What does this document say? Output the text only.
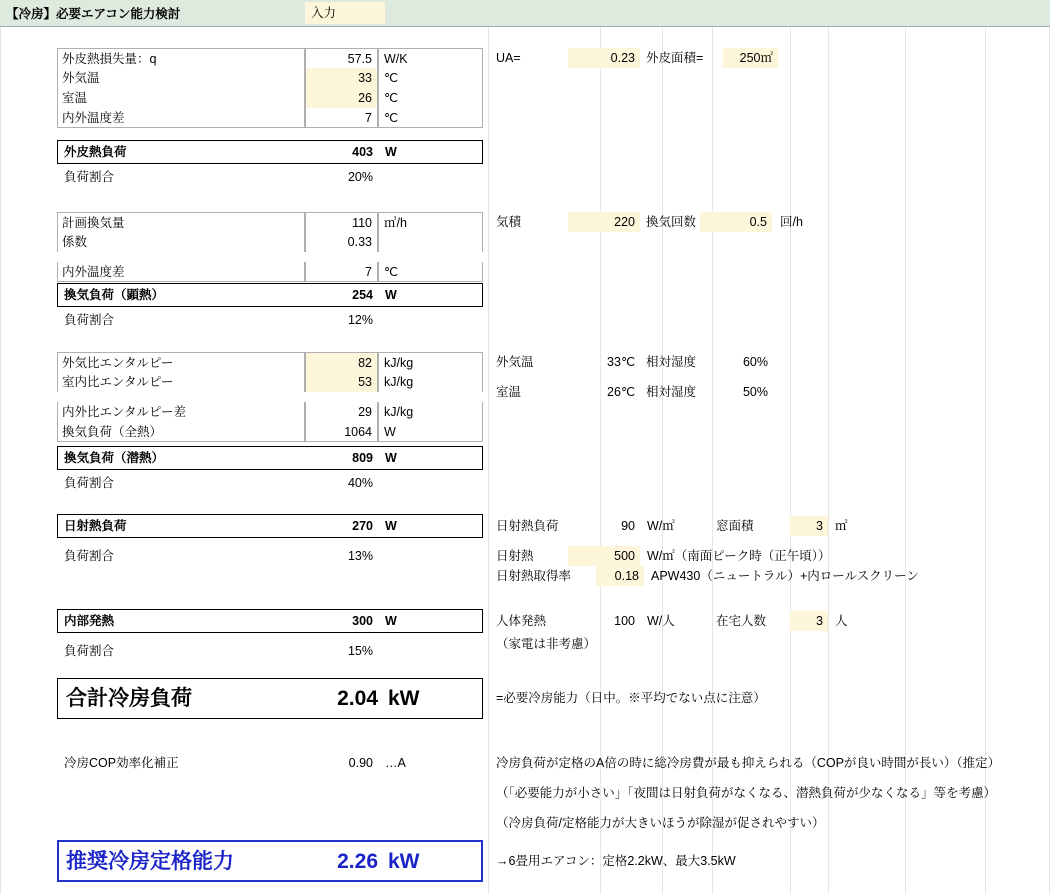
【冷房】必要エアコン能力検討	入力
外皮熱損失量：q	57.5 W/K
外気温	33 ℃
室温	26 ℃
内外温度差	7 ℃
外皮熱負荷	403 W
負荷割合	20%
UA=	0.23 外皮面積=	250㎡
計画換気量	110 ㎥/h
係数	0.33
内外温度差	7 ℃
換気負荷（顕熱）	254 W
負荷割合	12%
気積	220 換気回数	0.5	回/h
外気比エンタルピー	82 kJ/kg
室内比エンタルピー	53 kJ/kg
内外比エンタルピー差	29 kJ/kg
換気負荷（全熱）	1064 W
換気負荷（潜熱）	809 W
負荷割合	40%
外気温	33℃ 相対湿度	60%
室温	26℃ 相対湿度	50%
日射熱負荷	270 W
負荷割合	13%
日射熱負荷	90 W/㎡	窓面積	3 ㎡
日射熱	500 W/㎡（南面ピーク時（正午頃））
日射熱取得率	0.18 APW430（ニュートラル）+内ロールスクリーン
内部発熱	300 W
負荷割合	15%
人体発熱	100 W/人	在宅人数	3 人
（家電は非考慮）
合計冷房負荷	2.04 kW	=必要冷房能力（日中。※平均でない点に注意）
冷房COP効率化補正	0.90 …A	冷房負荷が定格のA倍の時に総冷房費が最も抑えられる（COPが良い時間が長い）（推定）
（「必要能力が小さい」「夜間は日射負荷がなくなる、潜熱負荷が少なくなる」等を考慮）
（冷房負荷/定格能力が大きいほうが除湿が促されやすい）
推奨冷房定格能力	2.26 kW	→6畳用エアコン：定格2.2kW、最大3.5kW
